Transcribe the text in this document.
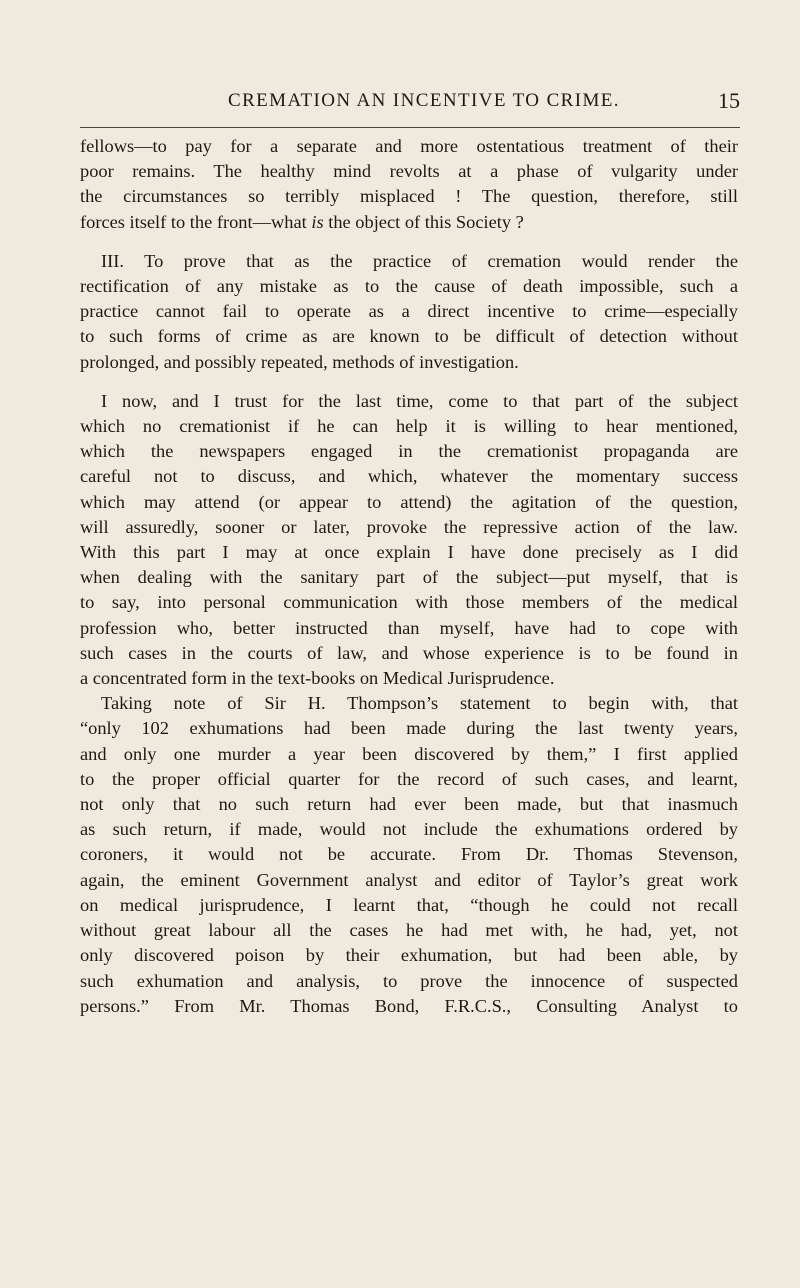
CREMATION AN INCENTIVE TO CRIME.	15
fellows—to pay for a separate and more ostentatious treatment of their
poor remains. The healthy mind revolts at a phase of vulgarity under
the circumstances so terribly misplaced ! The question, therefore, still
forces itself to the front—what is the object of this Society ?
III. To prove that as the practice of cremation would render the
rectification of any mistake as to the cause of death impossible, such a
practice cannot fail to operate as a direct incentive to crime—especially
to such forms of crime as are known to be difficult of detection without
prolonged, and possibly repeated, methods of investigation.
I now, and I trust for the last time, come to that part of the subject
which no cremationist if he can help it is willing to hear mentioned,
which the newspapers engaged in the cremationist propaganda are
careful not to discuss, and which, whatever the momentary success
which may attend (or appear to attend) the agitation of the question,
will assuredly, sooner or later, provoke the repressive action of the law.
With this part I may at once explain I have done precisely as I did
when dealing with the sanitary part of the subject—put myself, that is
to say, into personal communication with those members of the medical
profession who, better instructed than myself, have had to cope with
such cases in the courts of law, and whose experience is to be found in
a concentrated form in the text-books on Medical Jurisprudence.
Taking note of Sir H. Thompson’s statement to begin with, that
“only 102 exhumations had been made during the last twenty years,
and only one murder a year been discovered by them,” I first applied
to the proper official quarter for the record of such cases, and learnt,
not only that no such return had ever been made, but that inasmuch
as such return, if made, would not include the exhumations ordered by
coroners, it would not be accurate. From Dr. Thomas Stevenson,
again, the eminent Government analyst and editor of Taylor’s great work
on medical jurisprudence, I learnt that, “though he could not recall
without great labour all the cases he had met with, he had, yet, not
only discovered poison by their exhumation, but had been able, by
such exhumation and analysis, to prove the innocence of suspected
persons.” From Mr. Thomas Bond, F.R.C.S., Consulting Analyst to
